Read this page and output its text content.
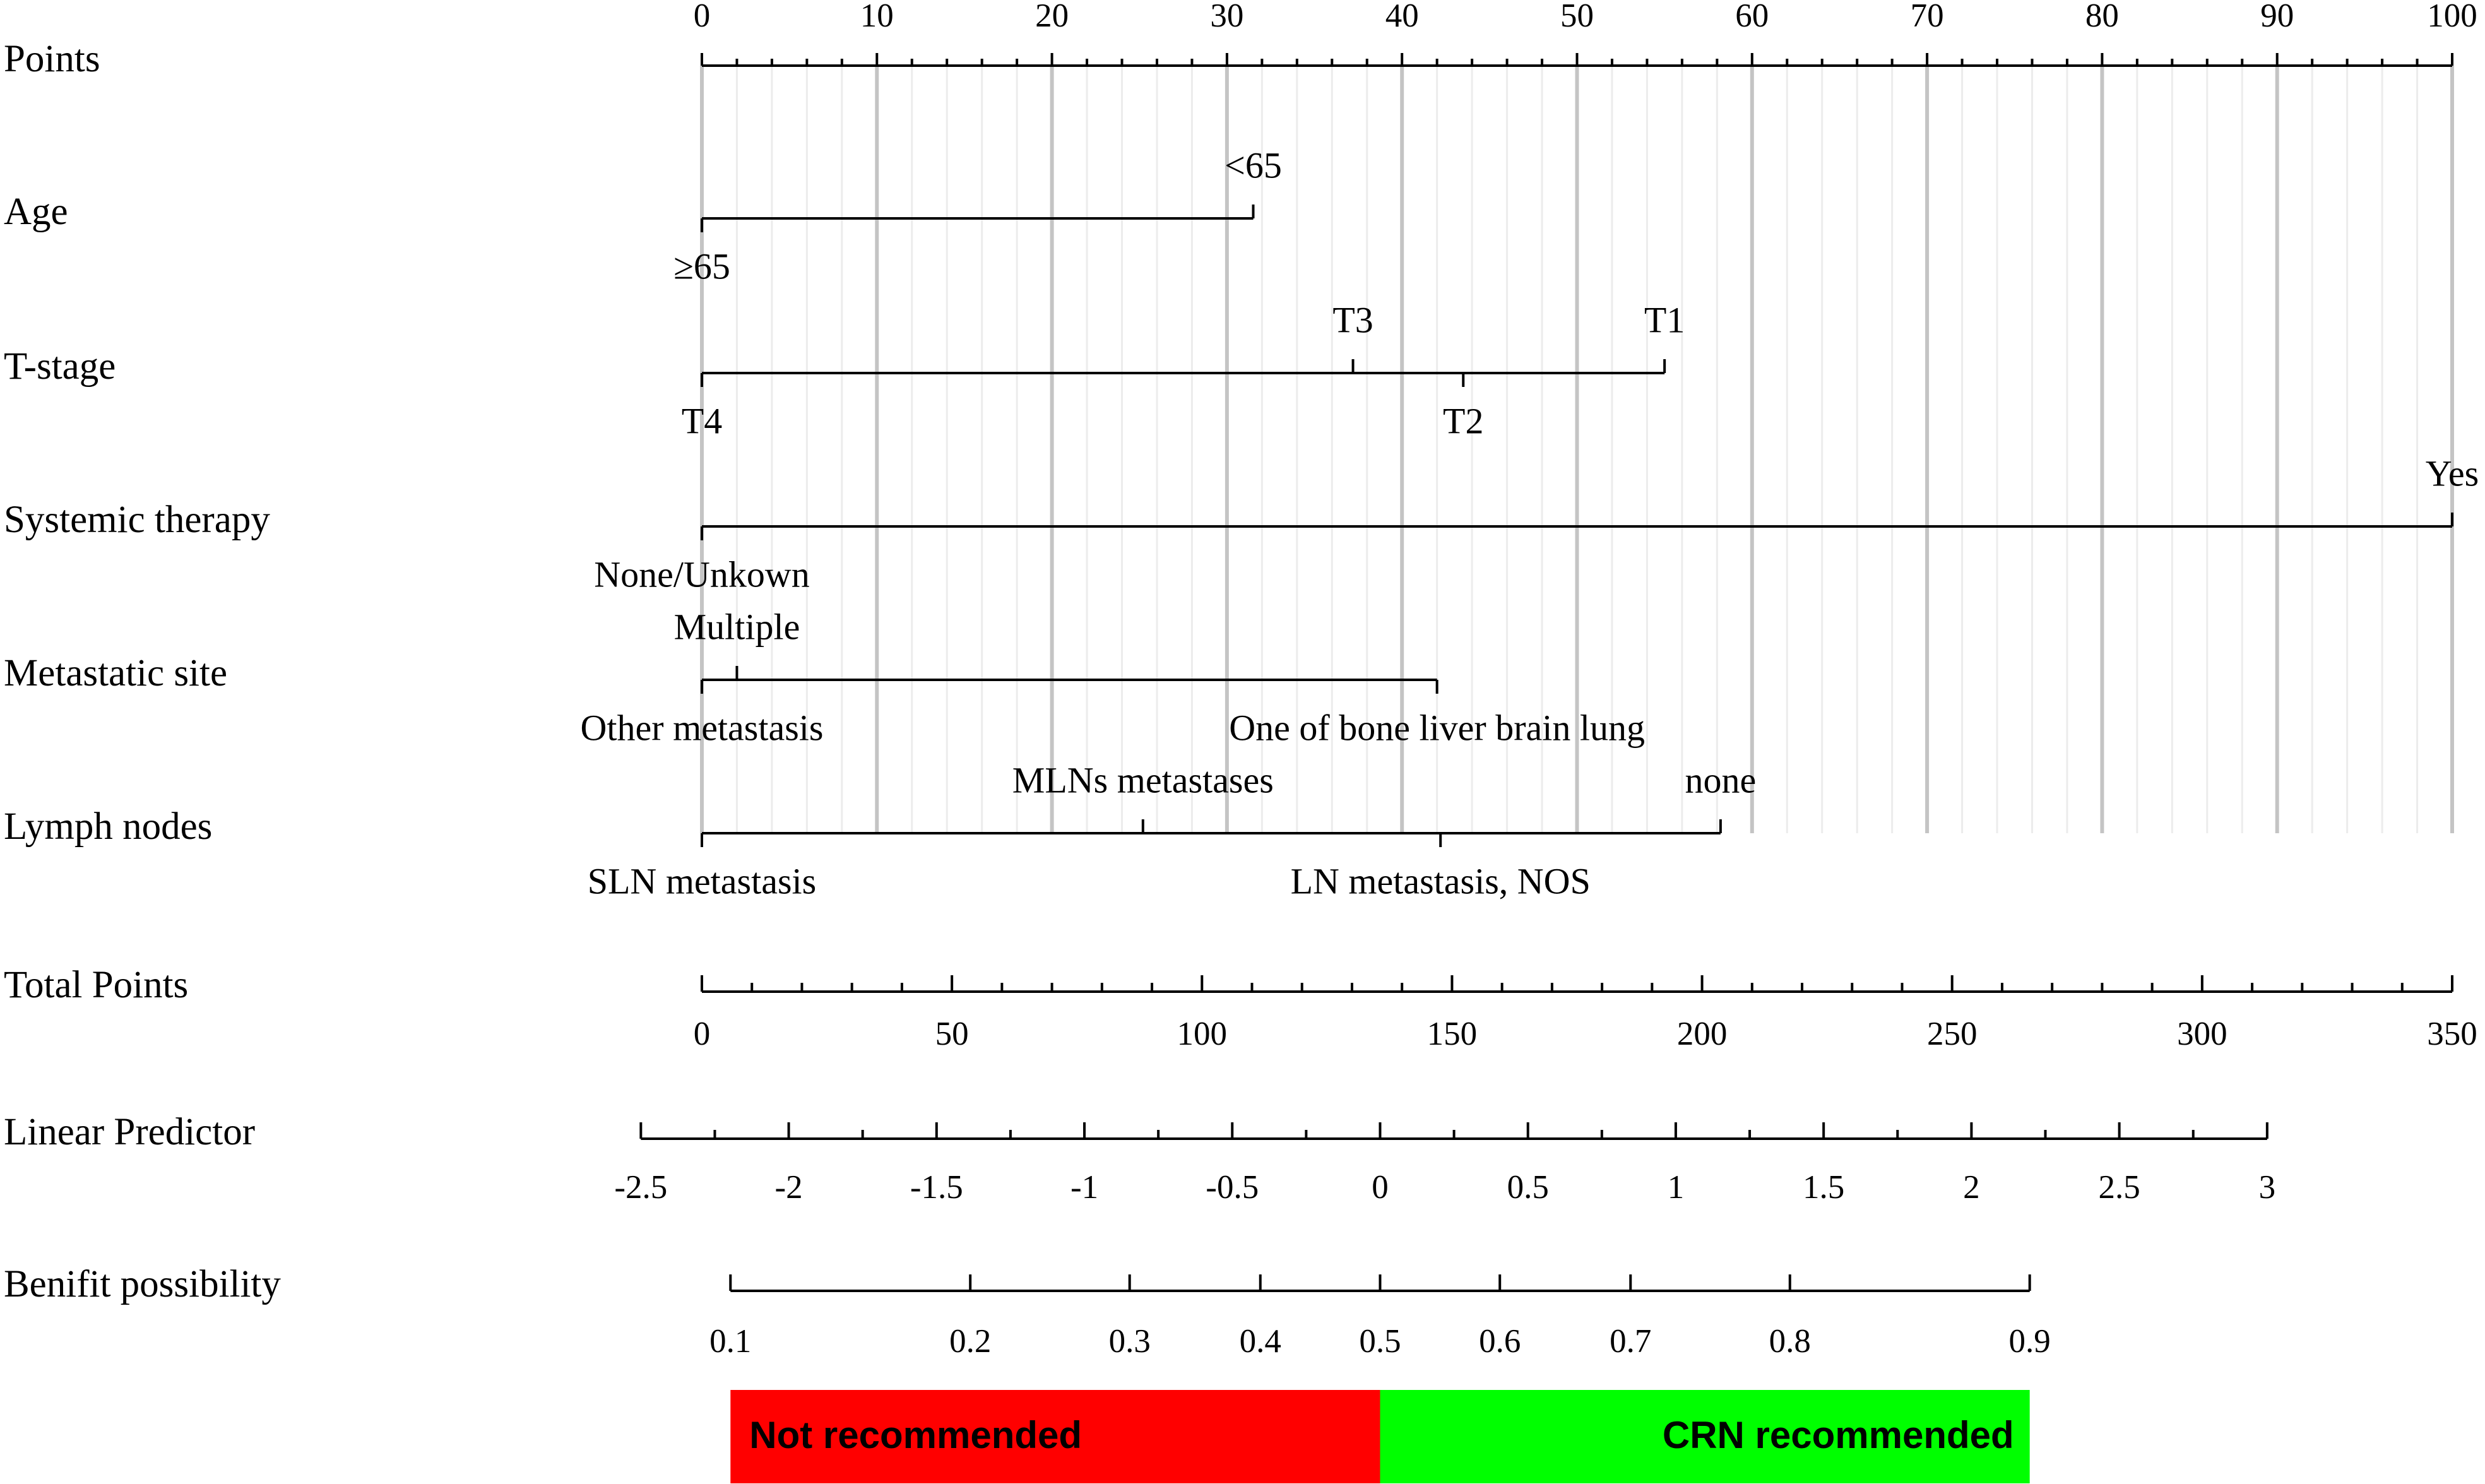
Points
0	10	20	30	40	50	60	70	80	90	100
Age
<65
≥65
T-stage
T4
T3
T2
T1
Systemic therapy
None/Unkown
Yes
Metastatic site
Other metastasis
Multiple
One of bone liver brain lung
Lymph nodes
SLN metastasis
MLNs metastases
LN metastasis, NOS
none
Total Points
0	50	100	150	200	250	300	350
Linear Predictor
-2.5	-2	-1.5	-1	-0.5	0	0.5	1	1.5	2	2.5	3
Benifit possibility
0.1	0.2	0.3	0.4 0.5 0.6	0.7	0.8	0.9
Not recommended	CRN recommended
